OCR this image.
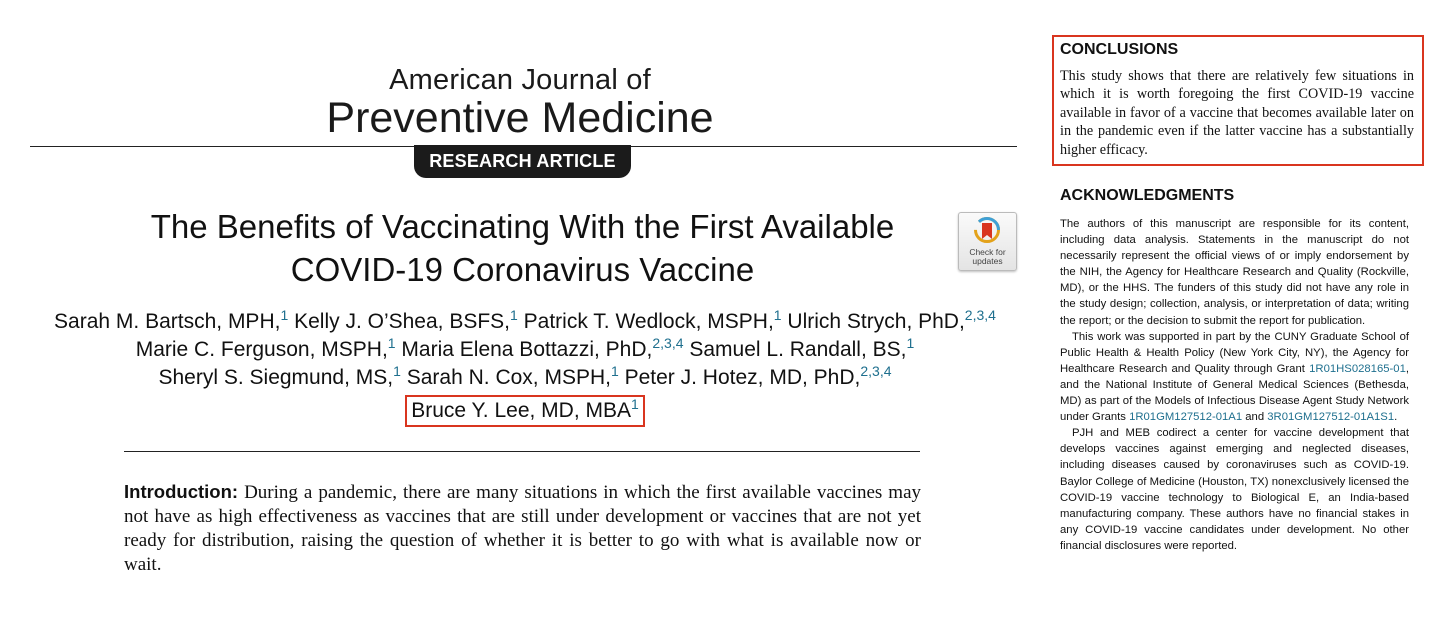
American Journal of
Preventive Medicine
RESEARCH ARTICLE
The Benefits of Vaccinating With the First Available
COVID-19 Coronavirus Vaccine	Check for
updates
Sarah M. Bartsch, MPH,$^1$ Kelly J. O’Shea, BSFS,$^1$ Patrick T. Wedlock, MSPH,$^1$ Ulrich Strych, PhD,$^{2,3,4}$
Marie C. Ferguson, MSPH,$^1$ Maria Elena Bottazzi, PhD,$^{2,3,4}$ Samuel L. Randall, BS,$^1$
Sheryl S. Siegmund, MS,$^1$ Sarah N. Cox, MSPH,$^1$ Peter J. Hotez, MD, PhD,$^{2,3,4}$
Bruce Y. Lee, MD, MBA$^1$
Introduction: During a pandemic, there are many situations in which the first available vaccines may not have as high effectiveness as vaccines that are still under development or vaccines that are not yet ready for distribution, raising the question of whether it is better to go with what is available now or wait.
CONCLUSIONS
This study shows that there are relatively few situations in which it is worth foregoing the first COVID-19 vaccine available in favor of a vaccine that becomes available later on in the pandemic even if the latter vaccine has a substantially higher efficacy.
ACKNOWLEDGMENTS

The authors of this manuscript are responsible for its content, including data analysis. Statements in the manuscript do not necessarily represent the official views of or imply endorsement by the NIH, the Agency for Healthcare Research and Quality (Rockville, MD), or the HHS. The funders of this study did not have any role in the study design; collection, analysis, or interpretation of data; writing the report; or the decision to submit the report for publication.

This work was supported in part by the CUNY Graduate School of Public Health & Health Policy (New York City, NY), the Agency for Healthcare Research and Quality through Grant 1R01HS028165-01, and the National Institute of General Medical Sciences (Bethesda, MD) as part of the Models of Infectious Disease Agent Study Network under Grants 1R01GM127512-01A1 and 3R01GM127512-01A1S1.

PJH and MEB codirect a center for vaccine development that develops vaccines against emerging and neglected diseases, including diseases caused by coronaviruses such as COVID-19. Baylor College of Medicine (Houston, TX) nonexclusively licensed the COVID-19 vaccine technology to Biological E, an India-based manufacturing company. These authors have no financial stakes in any COVID-19 vaccine candidates under development. No other financial disclosures were reported.
